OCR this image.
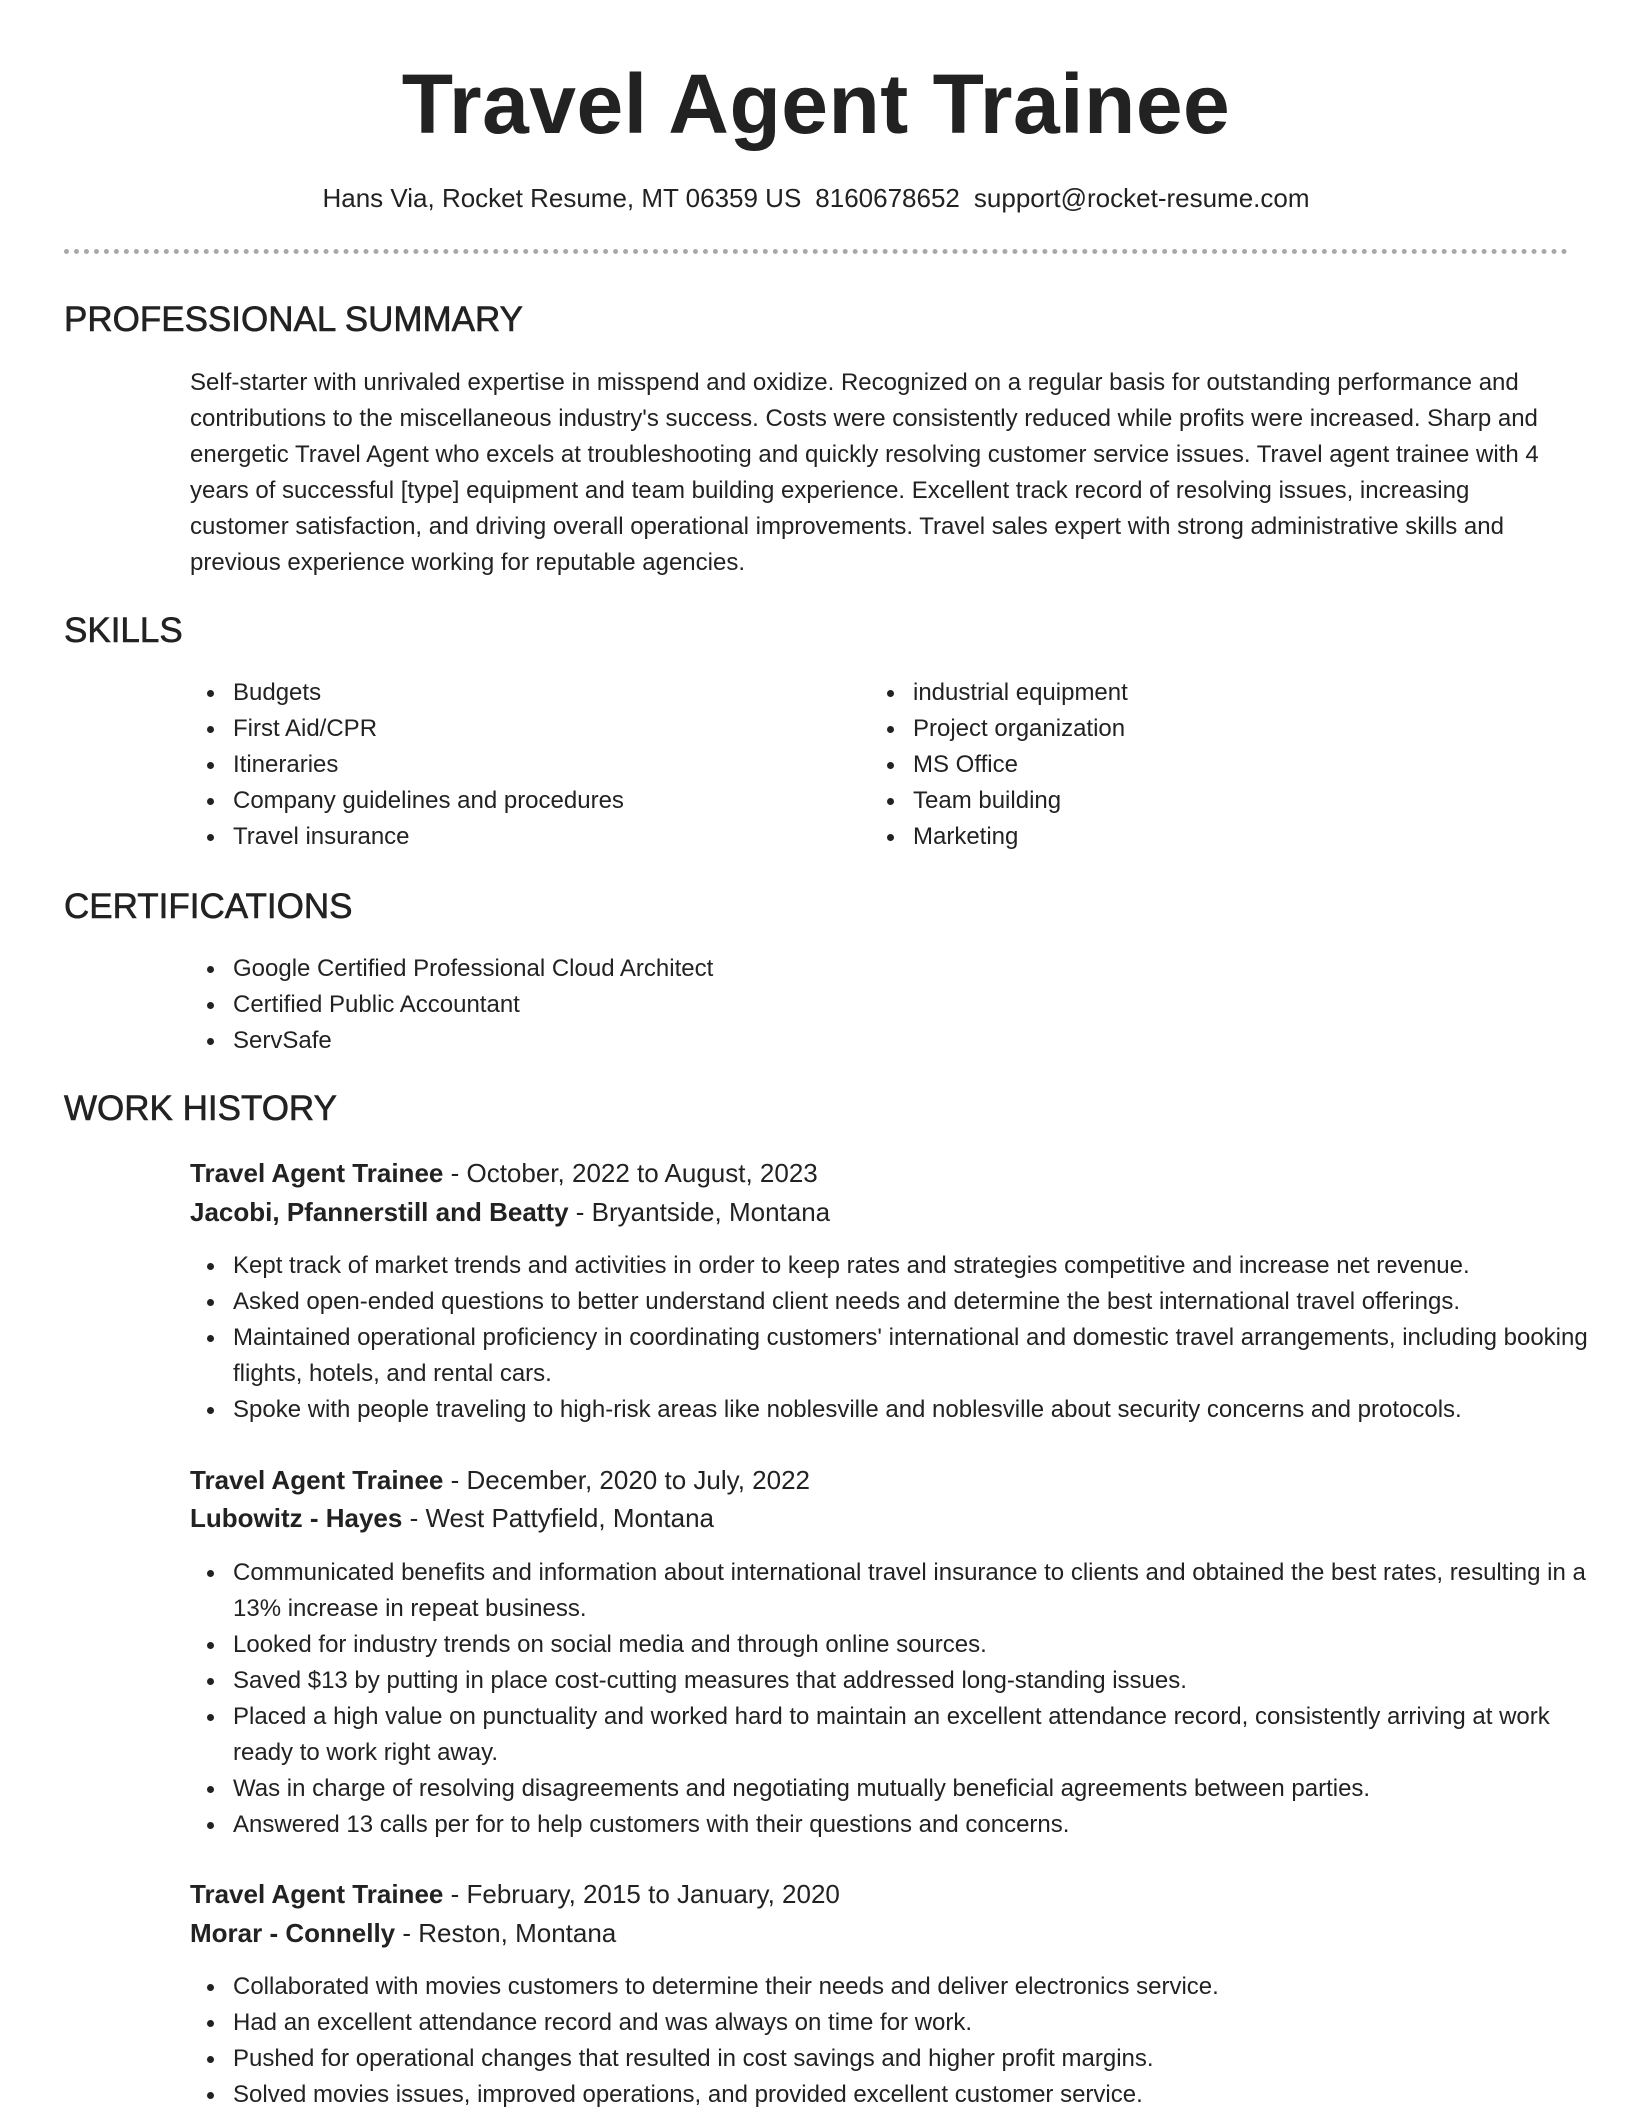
Travel Agent Trainee
Hans Via, Rocket Resume, MT 06359 US 8160678652 support@rocket-resume.com
PROFESSIONAL SUMMARY

Self-starter with unrivaled expertise in misspend and oxidize. Recognized on a regular basis for outstanding performance and contributions to the miscellaneous industry's success. Costs were consistently reduced while profits were increased. Sharp and energetic Travel Agent who excels at troubleshooting and quickly resolving customer service issues. Travel agent trainee with 4 years of successful [type] equipment and team building experience. Excellent track record of resolving issues, increasing customer satisfaction, and driving overall operational improvements. Travel sales expert with strong administrative skills and previous experience working for reputable agencies.

SKILLS
Budgets
First Aid/CPR
Itineraries
Company guidelines and procedures
Travel insurance
industrial equipment
Project organization
MS Office
Team building
Marketing
CERTIFICATIONS
Google Certified Professional Cloud Architect
Certified Public Accountant
ServSafe
WORK HISTORY
Travel Agent Trainee - October, 2022 to August, 2023
Jacobi, Pfannerstill and Beatty - Bryantside, Montana
Kept track of market trends and activities in order to keep rates and strategies competitive and increase net revenue.
Asked open-ended questions to better understand client needs and determine the best international travel offerings.
Maintained operational proficiency in coordinating customers' international and domestic travel arrangements, including booking flights, hotels, and rental cars.
Spoke with people traveling to high-risk areas like noblesville and noblesville about security concerns and protocols.
Travel Agent Trainee - December, 2020 to July, 2022
Lubowitz - Hayes - West Pattyfield, Montana
Communicated benefits and information about international travel insurance to clients and obtained the best rates, resulting in a 13% increase in repeat business.
Looked for industry trends on social media and through online sources.
Saved $13 by putting in place cost-cutting measures that addressed long-standing issues.
Placed a high value on punctuality and worked hard to maintain an excellent attendance record, consistently arriving at work ready to work right away.
Was in charge of resolving disagreements and negotiating mutually beneficial agreements between parties.
Answered 13 calls per for to help customers with their questions and concerns.
Travel Agent Trainee - February, 2015 to January, 2020
Morar - Connelly - Reston, Montana
Collaborated with movies customers to determine their needs and deliver electronics service.
Had an excellent attendance record and was always on time for work.
Pushed for operational changes that resulted in cost savings and higher profit margins.
Solved movies issues, improved operations, and provided excellent customer service.
